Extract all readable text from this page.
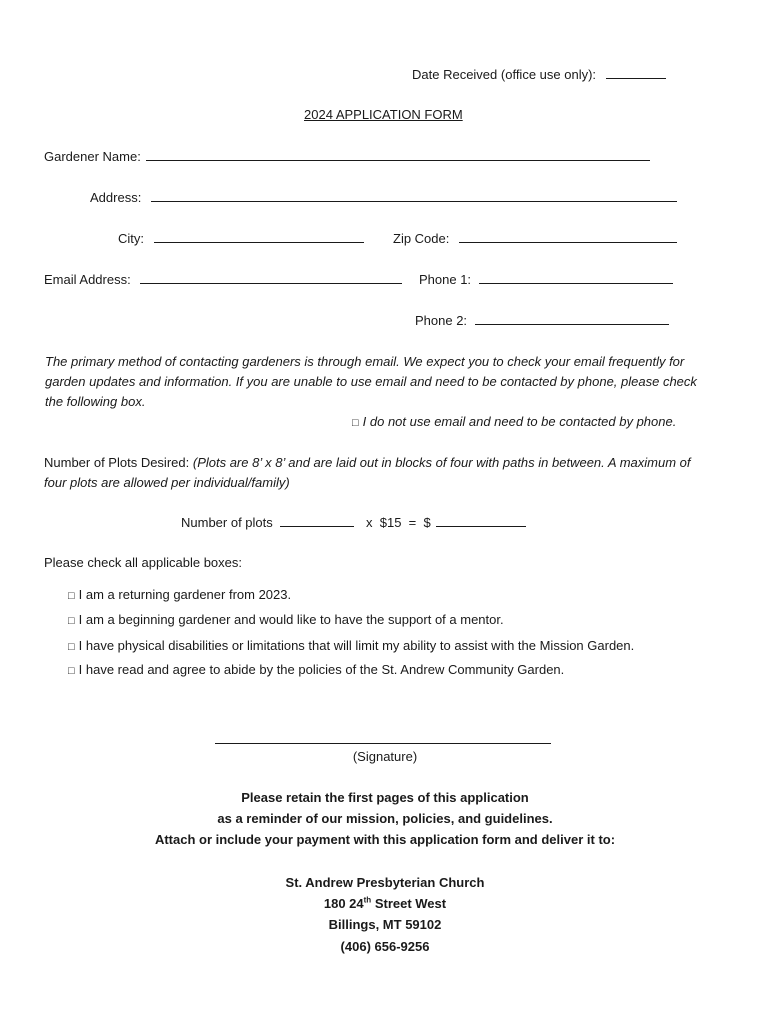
Date Received (office use only):
2024 APPLICATION FORM
Gardener Name:
Address:
City:	Zip Code:
Email Address:	Phone 1:
Phone 2:
The primary method of contacting gardeners is through email. We expect you to check your email frequently for garden updates and information. If you are unable to use email and need to be contacted by phone, please check the following box.
□ I do not use email and need to be contacted by phone.
Number of Plots Desired: (Plots are 8’ x 8’ and are laid out in blocks of four with paths in between. A maximum of four plots are allowed per individual/family)
Number of plots	x  $15  =  $
Please check all applicable boxes:
□ I am a returning gardener from 2023.
□ I am a beginning gardener and would like to have the support of a mentor.
□ I have physical disabilities or limitations that will limit my ability to assist with the Mission Garden.
□ I have read and agree to abide by the policies of the St. Andrew Community Garden.
(Signature)
Please retain the first pages of this application
as a reminder of our mission, policies, and guidelines.
Attach or include your payment with this application form and deliver it to:
St. Andrew Presbyterian Church
180 24th Street West
Billings, MT 59102
(406) 656-9256
